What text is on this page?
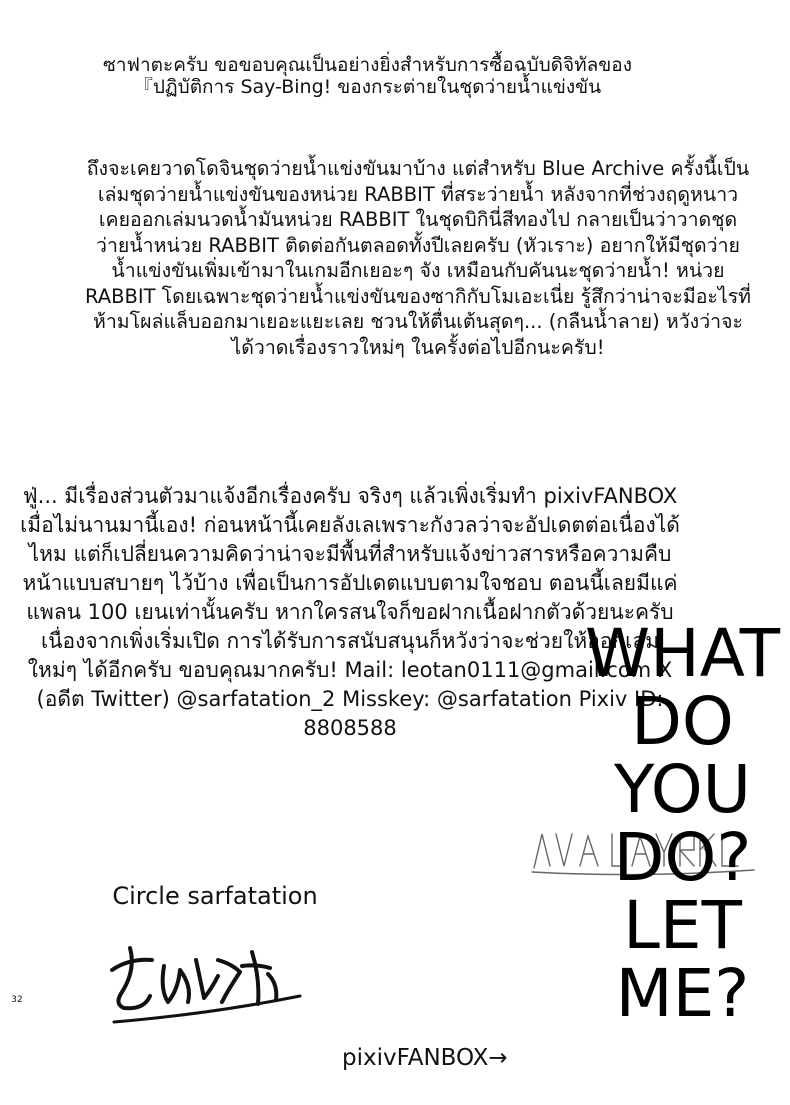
ซาฟาตะครับ ขอขอบคุณเป็นอย่างยิ่งสำหรับการซื้อฉบับดิจิทัลของ 『ปฏิบัติการ Say-Bing! ของกระต่ายในชุดว่ายน้ำแข่งขัน
ถึงจะเคยวาดโดจินชุดว่ายน้ำแข่งขันมาบ้าง แต่สำหรับ Blue Archive ครั้งนี้เป็นเล่มชุดว่ายน้ำแข่งขันของหน่วย RABBIT ที่สระว่ายน้ำ หลังจากที่ช่วงฤดูหนาวเคยออกเล่มนวดน้ำมันหน่วย RABBIT ในชุดบิกินี่สีทองไป กลายเป็นว่าวาดชุดว่ายน้ำหน่วย RABBIT ติดต่อกันตลอดทั้งปีเลยครับ (หัวเราะ) อยากให้มีชุดว่ายน้ำแข่งขันเพิ่มเข้ามาในเกมอีกเยอะๆ จัง เหมือนกับคันนะชุดว่ายน้ำ! หน่วย RABBIT โดยเฉพาะชุดว่ายน้ำแข่งขันของซากิกับโมเอะเนี่ย รู้สึกว่าน่าจะมีอะไรที่ห้ามโผล่แล็บออกมาเยอะแยะเลย ชวนให้ตื่นเต้นสุดๆ... (กลืนน้ำลาย) หวังว่าจะได้วาดเรื่องราวใหม่ๆ ในครั้งต่อไปอีกนะครับ!
ฟู่... มีเรื่องส่วนตัวมาแจ้งอีกเรื่องครับ จริงๆ แล้วเพิ่งเริ่มทำ pixivFANBOX เมื่อไม่นานมานี้เอง! ก่อนหน้านี้เคยลังเลเพราะกังวลว่าจะอัปเดตต่อเนื่องได้ไหม แต่ก็เปลี่ยนความคิดว่าน่าจะมีพื้นที่สำหรับแจ้งข่าวสารหรือความคืบหน้าแบบสบายๆ ไว้บ้าง เพื่อเป็นการอัปเดตแบบตามใจชอบ ตอนนี้เลยมีแค่แพลน 100 เยนเท่านั้นครับ หากใครสนใจก็ขอฝากเนื้อฝากตัวด้วยนะครับ เนื่องจากเพิ่งเริ่มเปิด การได้รับการสนับสนุนก็หวังว่าจะช่วยให้ออกเล่มใหม่ๆ ได้อีกครับ ขอบคุณมากครับ! Mail: leotan0111@gmail.com X (อดีต Twitter) @sarfatation_2 Misskey: @sarfatation Pixiv ID: 8808588
Circle sarfatation
32
pixivFANBOX→
WHAT
DO
YOU
DO?
LET
ME?
